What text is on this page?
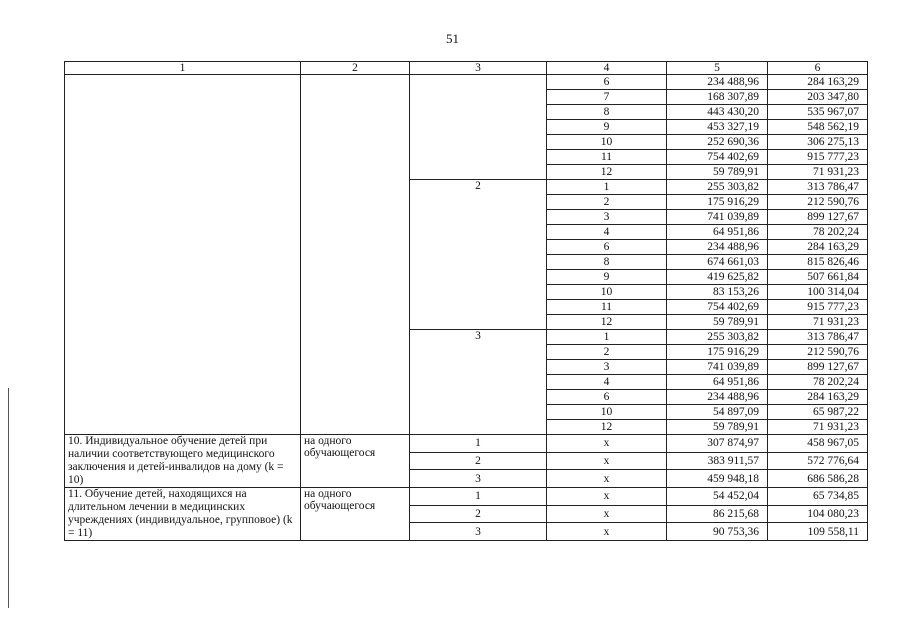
51
1	2	3	4	5	6
			6	234 488,96	284 163,29
			7	168 307,89	203 347,80
			8	443 430,20	535 967,07
			9	453 327,19	548 562,19
			10	252 690,36	306 275,13
			11	754 402,69	915 777,23
			12	59 789,91	71 931,23
		2	1	255 303,82	313 786,47
			2	175 916,29	212 590,76
			3	741 039,89	899 127,67
			4	64 951,86	78 202,24
			6	234 488,96	284 163,29
			8	674 661,03	815 826,46
			9	419 625,82	507 661,84
			10	83 153,26	100 314,04
			11	754 402,69	915 777,23
			12	59 789,91	71 931,23
		3	1	255 303,82	313 786,47
			2	175 916,29	212 590,76
			3	741 039,89	899 127,67
			4	64 951,86	78 202,24
			6	234 488,96	284 163,29
			10	54 897,09	65 987,22
			12	59 789,91	71 931,23
10. Индивидуальное обучение детей при наличии соответствующего медицинского заключения и детей-инвалидов на дому (k = 10)	на одного обучающегося	1	х	307 874,97	458 967,05
		2	х	383 911,57	572 776,64
		3	х	459 948,18	686 586,28
11. Обучение детей, находящихся на длительном лечении в медицинских учреждениях (индивидуальное, групповое) (k = 11)	на одного обучающегося	1	х	54 452,04	65 734,85
		2	х	86 215,68	104 080,23
		3	х	90 753,36	109 558,11
